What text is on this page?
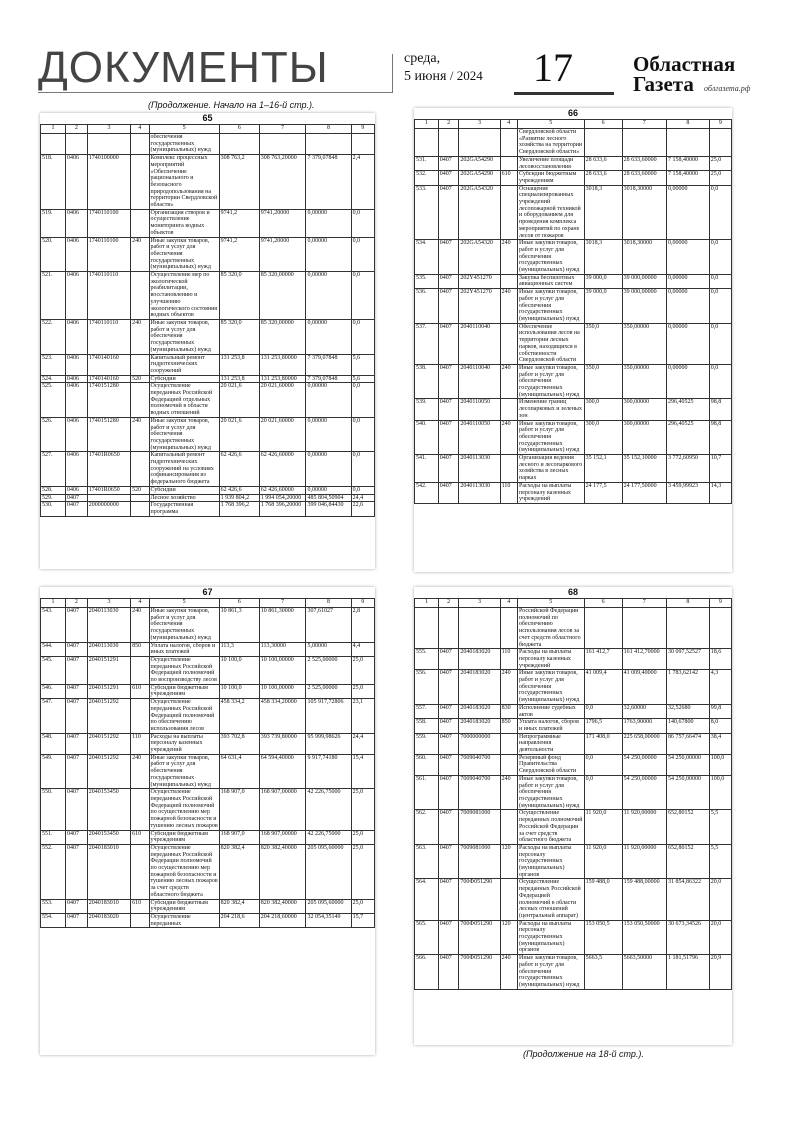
ДОКУМЕНТЫ	среда,
5 июня / 2024 17	Областная
Газета	облгазета.рф
(Продолжение. Начало на 1–16-й стр.).
65
1	2	3	4	5	6	7	8	9
				обеспечения государственных (муниципальных) нужд				
518.	0406	1740100000		Комплекс процессных мероприятий «Обеспечение рационального и безопасного природопользования на территории Свердловской области»	308 763,2	308 763,20000	7 379,07848	2,4
519.	0406	1740110100		Организация створов и осуществление мониторинга водных объектов	9741,2	9741,20000	0,00000	0,0
520.	0406	1740110100	240	Иные закупки товаров, работ и услуг для обеспечения государственных (муниципальных) нужд	9741,2	9741,20000	0,00000	0,0
521.	0406	1740110110		Осуществление мер по экологической реабилитации, восстановлению и улучшению экологического состояния водных объектов	85 320,0	85 320,00000	0,00000	0,0
522.	0406	1740110110	240	Иные закупки товаров, работ и услуг для обеспечения государственных (муниципальных) нужд	85 320,0	85 320,00000	0,00000	0,0
523.	0406	1740140160		Капитальный ремонт гидротехнических сооружений	131 253,8	131 253,80000	7 379,07848	5,6
524.	0406	1740140160	520	Субсидии	131 253,8	131 253,80000	7 379,07848	5,6
525.	0406	1740151280		Осуществление переданных Российской Федерацией отдельных полномочий в области водных отношений	20 021,6	20 021,60000	0,00000	0,0
526.	0406	1740151280	240	Иные закупки товаров, работ и услуг для обеспечения государственных (муниципальных) нужд	20 021,6	20 021,60000	0,00000	0,0
527.	0406	17401R0650		Капитальный ремонт гидротехнических сооружений на условиях софинансирования из федерального бюджета	62 426,6	62 426,60000	0,00000	0,0
528.	0406	17401R0650	520	Субсидии	62 426,6	62 426,60000	0,00000	0,0
529.	0407			Лесное хозяйство	1 939 804,2	1 994 054,20000	485 804,50904	24,4
530.	0407	2000000000		Государственная программа	1 768 396,2	1 768 396,20000	399 046,84430	22,6
66
1	2	3	4	5	6	7	8	9
				Свердловской области «Развитие лесного хозяйства на территории Свердловской области»				
531.	0407	202GA54290		Увеличение площади лесовосстановления	28 633,6	28 633,60000	7 158,40000	25,0
532.	0407	202GA54290	610	Субсидии бюджетным учреждениям	28 633,6	28 633,60000	7 158,40000	25,0
533.	0407	202GA54320		Оснащение специализированных учреждений лесопожарной техникой и оборудованием для проведения комплекса мероприятий по охране лесов от пожаров	3018,3	3018,30000	0,00000	0,0
534.	0407	202GA54320	240	Иные закупки товаров, работ и услуг для обеспечения государственных (муниципальных) нужд	3018,3	3018,30000	0,00000	0,0
535.	0407	202Y451270		Закупка беспилотных авиационных систем	39 000,0	39 000,00000	0,00000	0,0
536.	0407	202Y451270	240	Иные закупки товаров, работ и услуг для обеспечения государственных (муниципальных) нужд	39 000,0	39 000,00000	0,00000	0,0
537.	0407	2040110040		Обеспечение использования лесов на территории лесных парков, находящихся в собственности Свердловской области	350,0	350,00000	0,00000	0,0
538.	0407	2040110040	240	Иные закупки товаров, работ и услуг для обеспечения государственных (муниципальных) нужд	350,0	350,00000	0,00000	0,0
539.	0407	2040110050		Изменение границ лесопарковых и зеленых зон	300,0	300,00000	296,40525	98,8
540.	0407	2040110050	240	Иные закупки товаров, работ и услуг для обеспечения государственных (муниципальных) нужд	300,0	300,00000	296,40525	98,8
541.	0407	2040113030		Организация ведения лесного и лесопаркового хозяйства в лесных парках	35 152,1	35 152,10000	3 772,60950	10,7
542.	0407	2040113030	110	Расходы на выплаты персоналу казенных учреждений	24 177,5	24 177,50000	3 459,99923	14,3
67
1	2	3	4	5	6	7	8	9
543.	0407	2040113030	240	Иные закупки товаров, работ и услуг для обеспечения государственных (муниципальных) нужд	10 861,3	10 861,30000	307,61027	2,8
544.	0407	2040113030	850	Уплата налогов, сборов и иных платежей	113,3	113,30000	5,00000	4,4
545.	0407	2040151291		Осуществление переданных Российской Федерацией полномочий по воспроизводству лесов	10 100,0	10 100,00000	2 525,00000	25,0
546.	0407	2040151291	610	Субсидии бюджетным учреждениям	10 100,0	10 100,00000	2 525,00000	25,0
547.	0407	2040151292		Осуществление переданных Российской Федерацией полномочий по обеспечению использования лесов	458 334,2	458 334,20000	105 917,72806	23,1
548.	0407	2040151292	110	Расходы на выплаты персоналу казенных учреждений	393 702,8	393 739,80000	95 999,98626	24,4
549.	0407	2040151292	240	Иные закупки товаров, работ и услуг для обеспечения государственных (муниципальных) нужд	64 631,4	64 594,40000	9 917,74180	15,4
550.	0407	2040153450		Осуществление переданных Российской Федерацией полномочий по осуществлению мер пожарной безопасности и тушению лесных пожаров	168 907,0	168 907,00000	42 226,75000	25,0
551.	0407	2040153450	610	Субсидии бюджетным учреждениям	168 907,0	168 907,00000	42 226,75000	25,0
552.	0407	2040183010		Осуществление переданных Российской Федерации полномочий по осуществлению мер пожарной безопасности и тушению лесных пожаров за счет средств областного бюджета	820 382,4	820 382,40000	205 095,60000	25,0
553.	0407	2040183010	610	Субсидии бюджетным учреждениям	820 382,4	820 382,40000	205 095,60000	25,0
554.	0407	2040183020		Осуществление переданных	204 218,6	204 218,60000	32 054,35149	15,7
68
1	2	3	4	5	6	7	8	9
				Российской Федерации полномочий по обеспечению использования лесов за счет средств областного бюджета				
555.	0407	2040183020	110	Расходы на выплаты персоналу казенных учреждений	161 412,7	161 412,70000	30 097,52527	18,6
556.	0407	2040183020	240	Иные закупки товаров, работ и услуг для обеспечения государственных (муниципальных) нужд	41 009,4	41 009,40000	1 783,62142	4,3
557.	0407	2040183020	830	Исполнение судебных актов	0,0	32,60000	32,52680	99,8
558.	0407	2040183020	850	Уплата налогов, сборов и иных платежей	1796,5	1763,90000	140,67800	8,0
559.	0407	7000000000		Непрограммные направления деятельности	171 408,0	225 658,00000	86 757,66474	38,4
560.	0407	7009040700		Резервный фонд Правительства Свердловской области	0,0	54 250,00000	54 250,00000	100,0
561.	0407	7009040700	240	Иные закупки товаров, работ и услуг для обеспечения государственных (муниципальных) нужд	0,0	54 250,00000	54 250,00000	100,0
562.	0407	7009081000		Осуществление переданных полномочий Российской Федерации за счет средств областного бюджета	11 920,0	11 920,00000	652,80152	5,5
563.	0407	7009081000	120	Расходы на выплаты персоналу государственных (муниципальных) органов	11 920,0	11 920,00000	652,80152	5,5
564.	0407	700Ф051290		Осуществление переданных Российской Федерацией полномочий в области лесных отношений (центральный аппарат)	159 488,0	159 488,00000	31 854,86322	20,0
565.	0407	700Ф051290	120	Расходы на выплаты персоналу государственных (муниципальных) органов	153 050,5	153 050,50000	30 673,34526	20,0
566.	0407	700Ф051290	240	Иные закупки товаров, работ и услуг для обеспечения государственных (муниципальных) нужд	5663,5	5663,50000	1 181,51796	20,9
(Продолжение на 18-й стр.).
